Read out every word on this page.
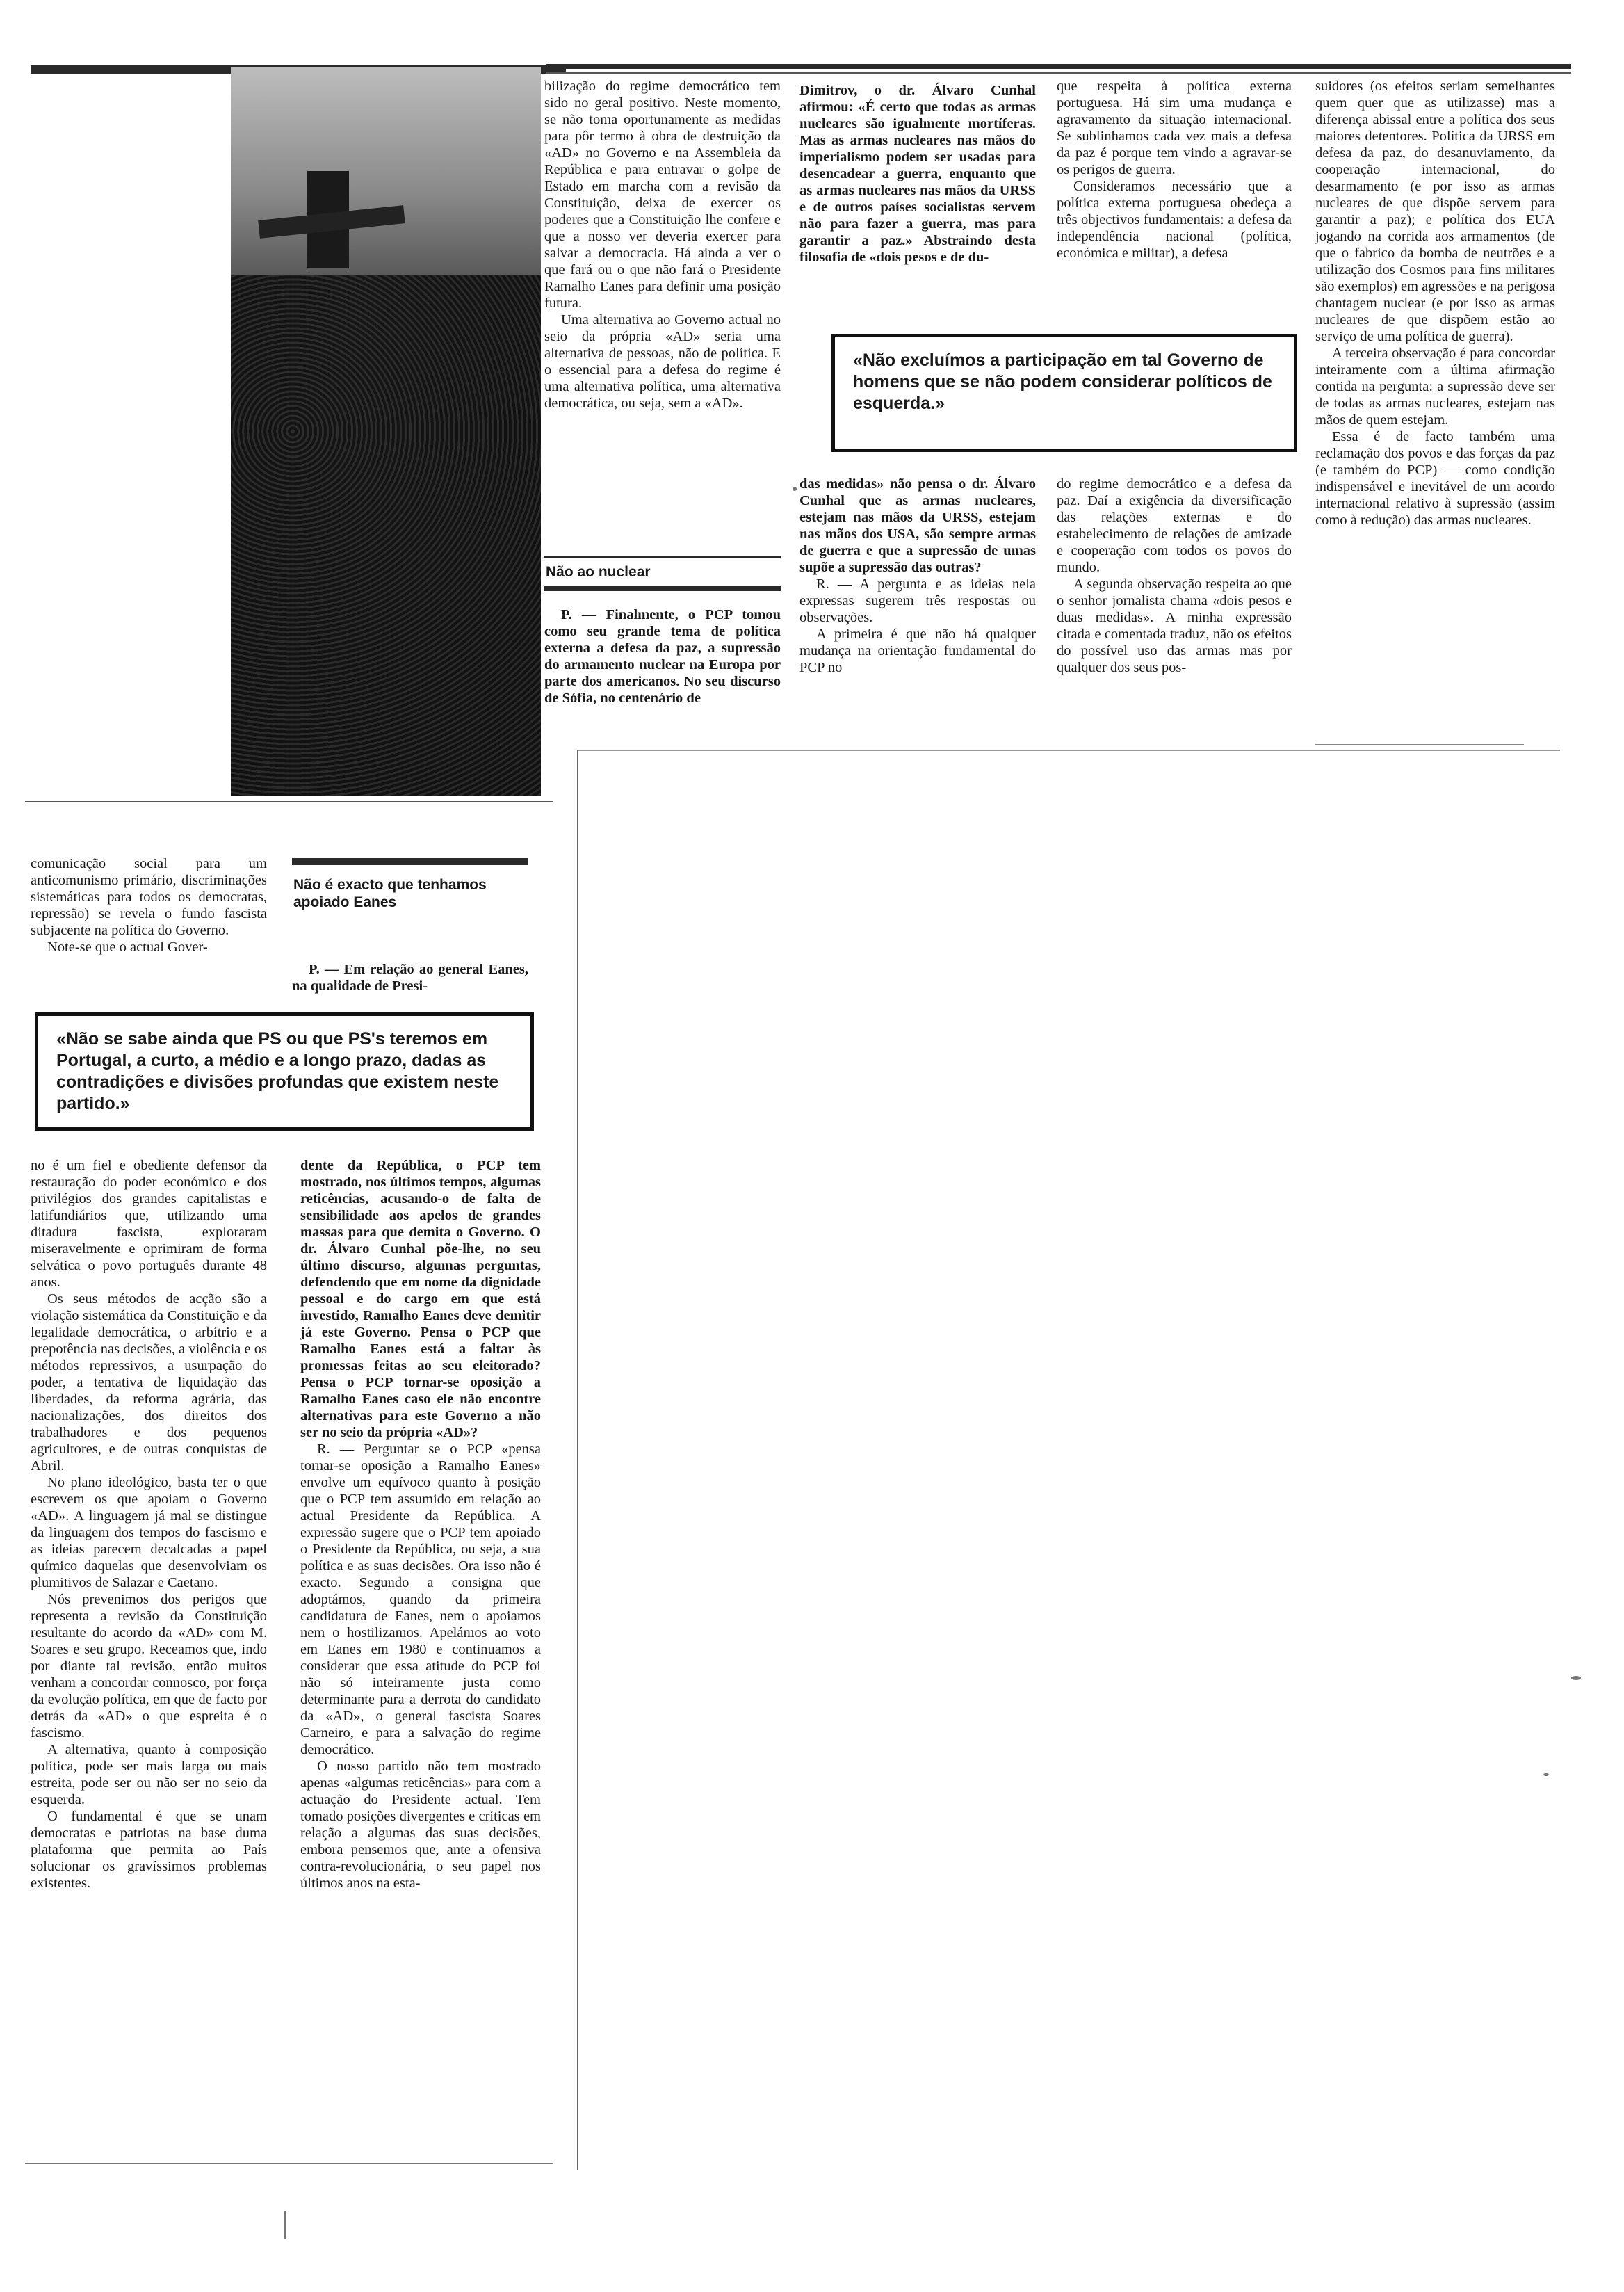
bilização do regime democrático tem sido no geral positivo. Neste momento, se não toma oportunamente as medidas para pôr termo à obra de destruição da «AD» no Governo e na Assembleia da República e para entravar o golpe de Estado em marcha com a revisão da Constituição, deixa de exercer os poderes que a Constituição lhe confere e que a nosso ver deveria exercer para salvar a democracia. Há ainda a ver o que fará ou o que não fará o Presidente Ramalho Eanes para definir uma posição futura.

Uma alternativa ao Governo actual no seio da própria «AD» seria uma alternativa de pessoas, não de política. E o essencial para a defesa do regime é uma alternativa política, uma alternativa democrática, ou seja, sem a «AD».

Não ao nuclear

P. — Finalmente, o PCP tomou como seu grande tema de política externa a defesa da paz, a supressão do armamento nuclear na Europa por parte dos americanos. No seu discurso de Sófia, no centenário de

Dimitrov, o dr. Álvaro Cunhal afirmou: «É certo que todas as armas nucleares são igualmente mortíferas. Mas as armas nucleares nas mãos do imperialismo podem ser usadas para desencadear a guerra, enquanto que as armas nucleares nas mãos da URSS e de outros países socialistas servem não para fazer a guerra, mas para garantir a paz.» Abstraindo desta filosofia de «dois pesos e de du-

que respeita à política externa portuguesa. Há sim uma mudança e agravamento da situação internacional. Se sublinhamos cada vez mais a defesa da paz é porque tem vindo a agravar-se os perigos de guerra.

Consideramos necessário que a política externa portuguesa obedeça a três objectivos fundamentais: a defesa da independência nacional (política, económica e militar), a defesa

suidores (os efeitos seriam semelhantes quem quer que as utilizasse) mas a diferença abissal entre a política dos seus maiores detentores. Política da URSS em defesa da paz, do desanuviamento, da cooperação internacional, do desarmamento (e por isso as armas nucleares de que dispõe servem para garantir a paz); e política dos EUA jogando na corrida aos armamentos (de que o fabrico da bomba de neutrões e a utilização dos Cosmos para fins militares são exemplos) em agressões e na perigosa chantagem nuclear (e por isso as armas nucleares de que dispõem estão ao serviço de uma política de guerra).

A terceira observação é para concordar inteiramente com a última afirmação contida na pergunta: a supressão deve ser de todas as armas nucleares, estejam nas mãos de quem estejam.

Essa é de facto também uma reclamação dos povos e das forças da paz (e também do PCP) — como condição indispensável e inevitável de um acordo internacional relativo à supressão (assim como à redução) das armas nucleares.

«Não excluímos a participação em tal Governo de homens que se não podem considerar políticos de esquerda.»

das medidas» não pensa o dr. Álvaro Cunhal que as armas nucleares, estejam nas mãos da URSS, estejam nas mãos dos USA, são sempre armas de guerra e que a supressão de umas supõe a supressão das outras?

R. — A pergunta e as ideias nela expressas sugerem três respostas ou observações.

A primeira é que não há qualquer mudança na orientação fundamental do PCP no

do regime democrático e a defesa da paz. Daí a exigência da diversificação das relações externas e do estabelecimento de relações de amizade e cooperação com todos os povos do mundo.

A segunda observação respeita ao que o senhor jornalista chama «dois pesos e duas medidas». A minha expressão citada e comentada traduz, não os efeitos do possível uso das armas mas por qualquer dos seus pos-

comunicação social para um anticomunismo primário, discriminações sistemáticas para todos os democratas, repressão) se revela o fundo fascista subjacente na política do Governo.

Note-se que o actual Gover-

Não é exacto que tenhamos apoiado Eanes

P. — Em relação ao general Eanes, na qualidade de Presi-

«Não se sabe ainda que PS ou que PS's teremos em Portugal, a curto, a médio e a longo prazo, dadas as contradições e divisões profundas que existem neste partido.»

no é um fiel e obediente defensor da restauração do poder económico e dos privilégios dos grandes capitalistas e latifundiários que, utilizando uma ditadura fascista, exploraram miseravelmente e oprimiram de forma selvática o povo português durante 48 anos.

Os seus métodos de acção são a violação sistemática da Constituição e da legalidade democrática, o arbítrio e a prepotência nas decisões, a violência e os métodos repressivos, a usurpação do poder, a tentativa de liquidação das liberdades, da reforma agrária, das nacionalizações, dos direitos dos trabalhadores e dos pequenos agricultores, e de outras conquistas de Abril.

No plano ideológico, basta ter o que escrevem os que apoiam o Governo «AD». A linguagem já mal se distingue da linguagem dos tempos do fascismo e as ideias parecem decalcadas a papel químico daquelas que desenvolviam os plumitivos de Salazar e Caetano.

Nós prevenimos dos perigos que representa a revisão da Constituição resultante do acordo da «AD» com M. Soares e seu grupo. Receamos que, indo por diante tal revisão, então muitos venham a concordar connosco, por força da evolução política, em que de facto por detrás da «AD» o que espreita é o fascismo.

A alternativa, quanto à composição política, pode ser mais larga ou mais estreita, pode ser ou não ser no seio da esquerda.

O fundamental é que se unam democratas e patriotas na base duma plataforma que permita ao País solucionar os gravíssimos problemas existentes.

dente da República, o PCP tem mostrado, nos últimos tempos, algumas reticências, acusando-o de falta de sensibilidade aos apelos de grandes massas para que demita o Governo. O dr. Álvaro Cunhal põe-lhe, no seu último discurso, algumas perguntas, defendendo que em nome da dignidade pessoal e do cargo em que está investido, Ramalho Eanes deve demitir já este Governo. Pensa o PCP que Ramalho Eanes está a faltar às promessas feitas ao seu eleitorado? Pensa o PCP tornar-se oposição a Ramalho Eanes caso ele não encontre alternativas para este Governo a não ser no seio da própria «AD»?

R. — Perguntar se o PCP «pensa tornar-se oposição a Ramalho Eanes» envolve um equívoco quanto à posição que o PCP tem assumido em relação ao actual Presidente da República. A expressão sugere que o PCP tem apoiado o Presidente da República, ou seja, a sua política e as suas decisões. Ora isso não é exacto. Segundo a consigna que adoptámos, quando da primeira candidatura de Eanes, nem o apoiamos nem o hostilizamos. Apelámos ao voto em Eanes em 1980 e continuamos a considerar que essa atitude do PCP foi não só inteiramente justa como determinante para a derrota do candidato da «AD», o general fascista Soares Carneiro, e para a salvação do regime democrático.

O nosso partido não tem mostrado apenas «algumas reticências» para com a actuação do Presidente actual. Tem tomado posições divergentes e críticas em relação a algumas das suas decisões, embora pensemos que, ante a ofensiva contra-revolucionária, o seu papel nos últimos anos na esta-
